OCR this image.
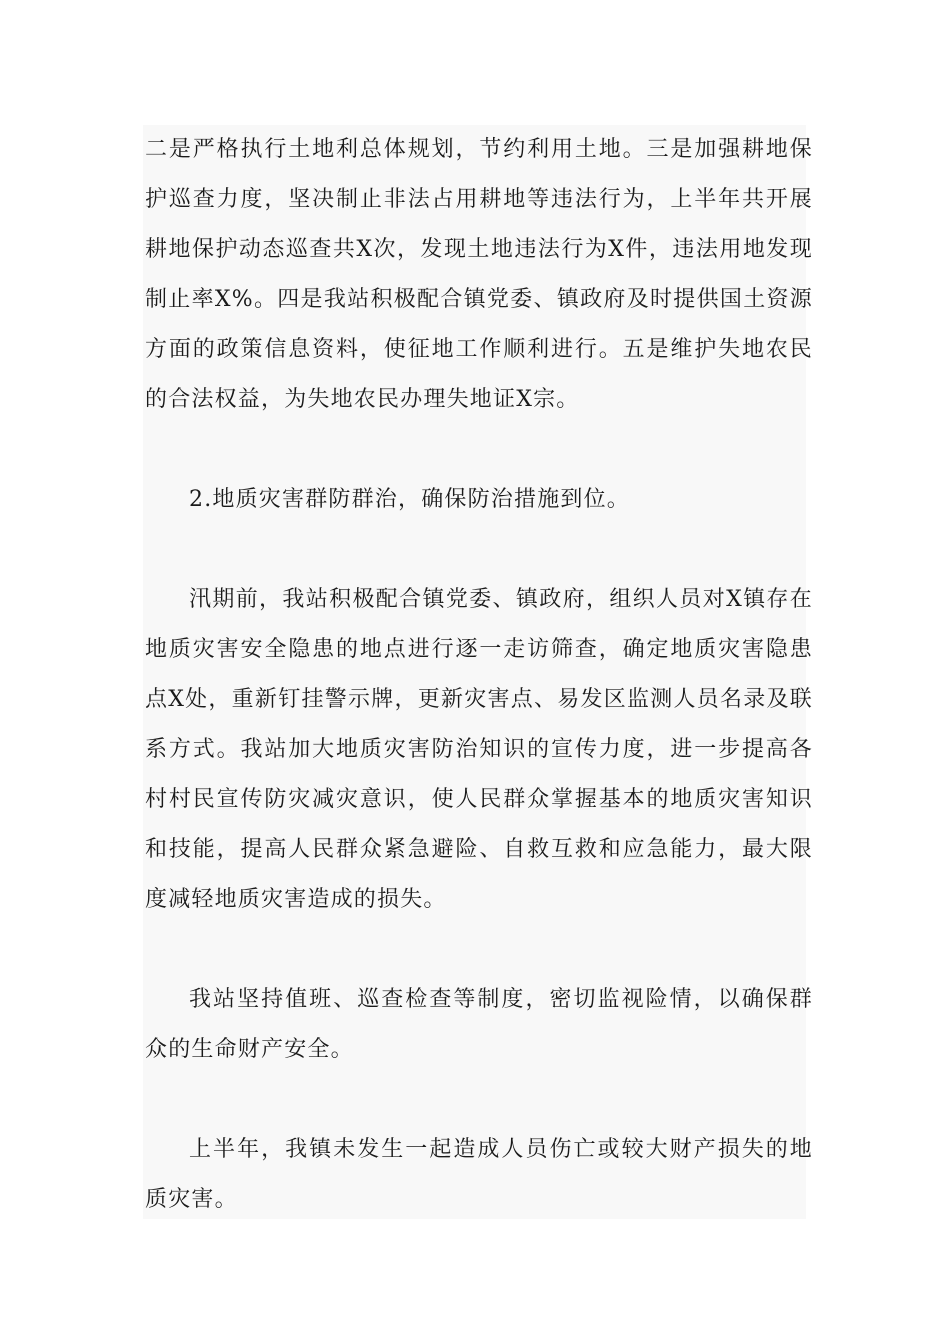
二是严格执行土地利总体规划，节约利用土地。三是加强耕地保护巡查力度，坚决制止非法占用耕地等违法行为，上半年共开展耕地保护动态巡查共X次，发现土地违法行为X件，违法用地发现制止率X%。四是我站积极配合镇党委、镇政府及时提供国土资源方面的政策信息资料，使征地工作顺利进行。五是维护失地农民的合法权益，为失地农民办理失地证X宗。

2.地质灾害群防群治，确保防治措施到位。

汛期前，我站积极配合镇党委、镇政府，组织人员对X镇存在地质灾害安全隐患的地点进行逐一走访筛查，确定地质灾害隐患点X处，重新钉挂警示牌，更新灾害点、易发区监测人员名录及联系方式。我站加大地质灾害防治知识的宣传力度，进一步提高各村村民宣传防灾减灾意识，使人民群众掌握基本的地质灾害知识和技能，提高人民群众紧急避险、自救互救和应急能力，最大限度减轻地质灾害造成的损失。

我站坚持值班、巡查检查等制度，密切监视险情，以确保群众的生命财产安全。

上半年，我镇未发生一起造成人员伤亡或较大财产损失的地质灾害。
